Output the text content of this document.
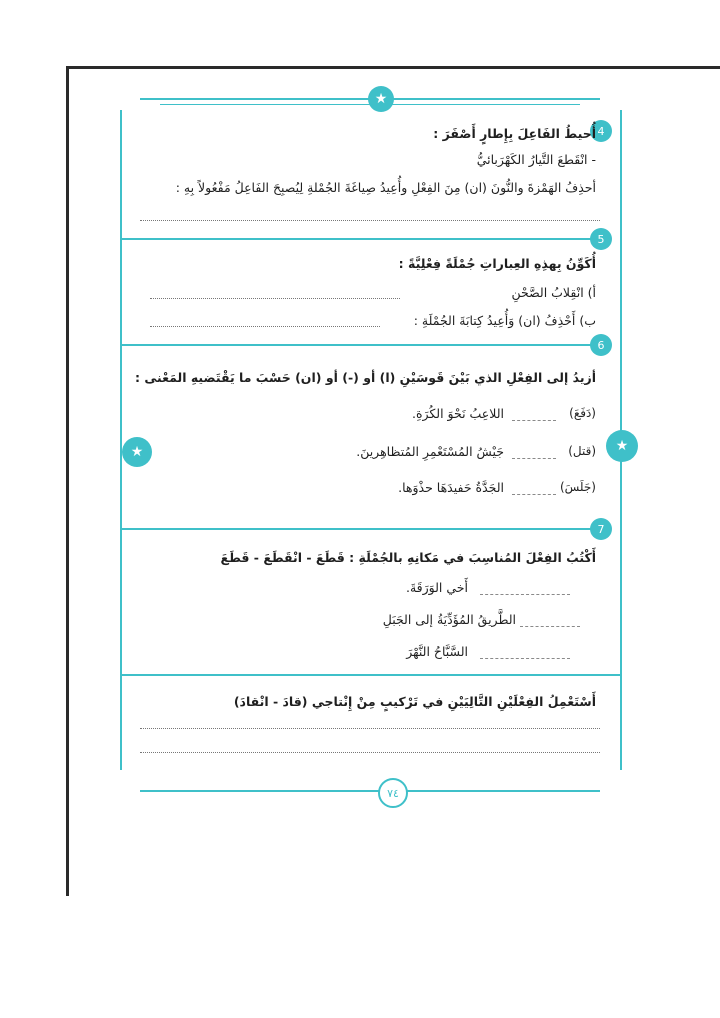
★
★	★
4
أُحيطُ الفَاعِلَ بِإِطارٍ أَصْفَرَ :
- انْقَطعَ التَّيارُ الكَهْرَبائيُّ
أحذِفُ الهَمْزةَ والنُّونَ (ان) مِنَ الفِعْلِ وأُعِيدُ صِياغَةَ الجُمْلةِ لِيُصبِحَ الفَاعِلُ مَفْعُولاً بِهِ :
5
أُكَوِّنُ بِهذِهِ العِباراتِ جُمْلَةً فِعْلِيَّةً :
أ) انْقِلابُ الصَّحْنِ
ب) أَحْذِفُ (ان) وَأُعِيدُ كِتابَةَ الجُمْلَةِ :
6
أزيدُ إلى الفِعْلِ الذي بَيْنَ قَوسَيْنِ (ا) أو (-) أو (ان) حَسْبَ ما يَقْتَضيهِ المَعْنى :
(دَفَعَ)
اللاعِبُ نَحْوَ الكُرَةِ.
(قتل)
جَيْشُ المُسْتَعْمِرِ المُتظاهِرينَ.
(جَلَسَ)
الجَدَّةُ حَفيدَهَا حذْوَها.
7
أَكْتُبُ الفِعْلَ المُناسِبَ في مَكانِهِ بالجُمْلَةِ : قَطَعَ - انْقَطَعَ - قَطَعَ
أَخي الوَرَقَةَ.
الطَّريقُ المُؤَدِّيَةُ إلى الجَبَلِ
السَّبَّاحُ النَّهْرَ
أَسْتَعْمِلُ الفِعْلَيْنِ التَّالِيَيْنِ في تَرْكيبٍ مِنْ إِنْتاجي (قادَ - انْقادَ)
٧٤
